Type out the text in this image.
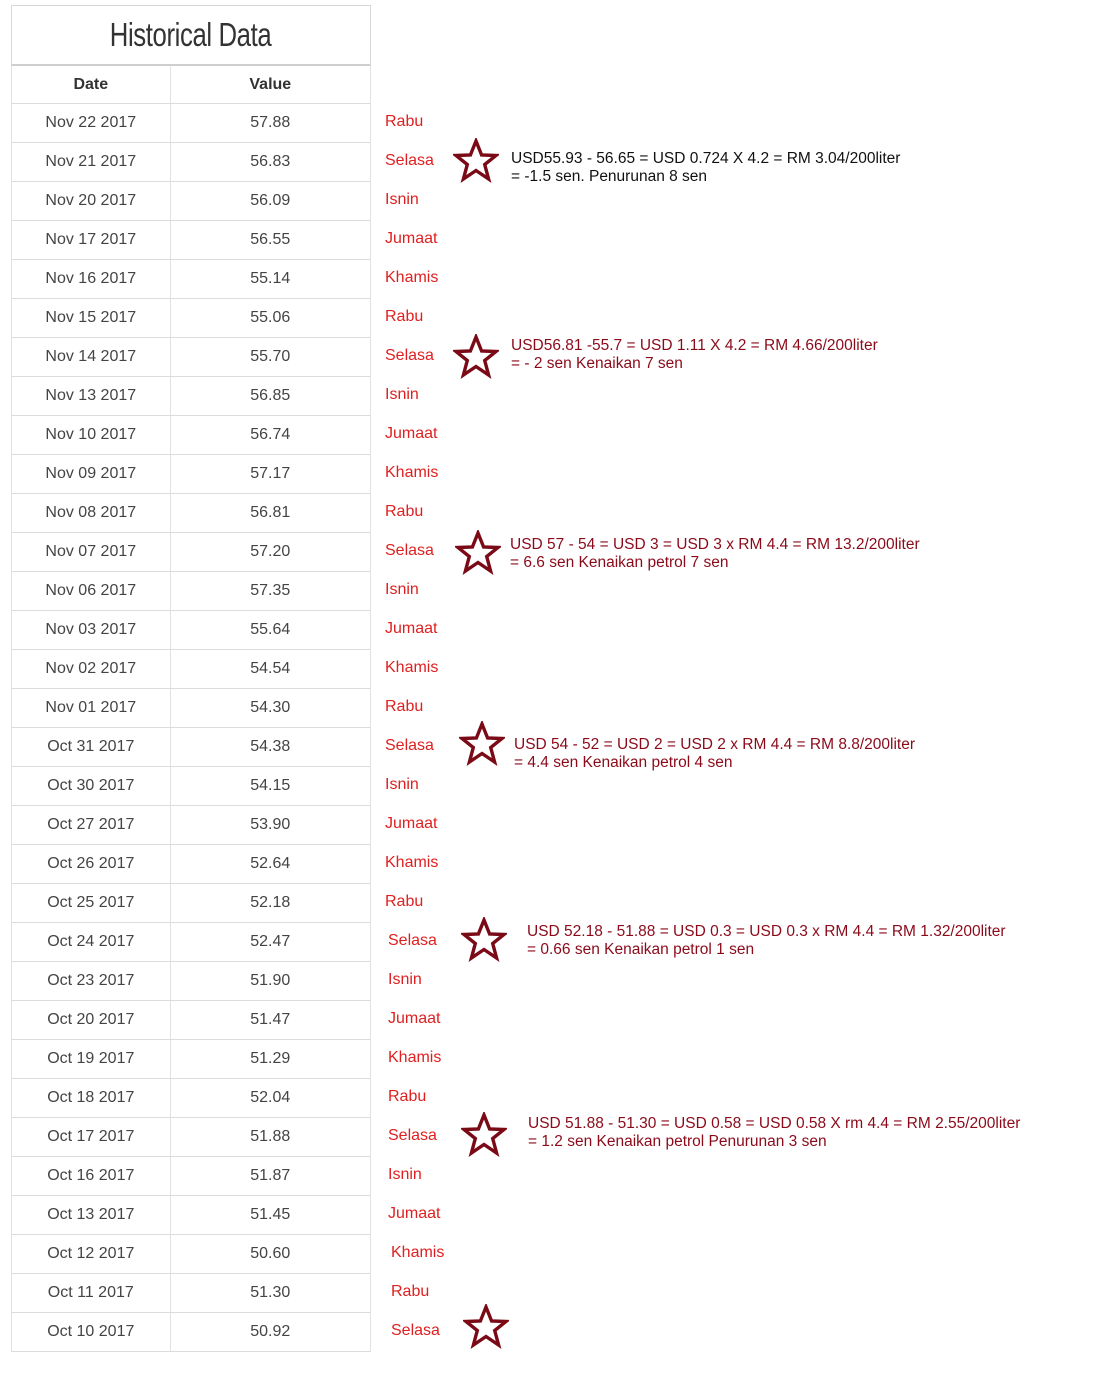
Historical Data
Date	Value
Nov 22 2017	57.88
Nov 21 2017	56.83
Nov 20 2017	56.09
Nov 17 2017	56.55
Nov 16 2017	55.14
Nov 15 2017	55.06
Nov 14 2017	55.70
Nov 13 2017	56.85
Nov 10 2017	56.74
Nov 09 2017	57.17
Nov 08 2017	56.81
Nov 07 2017	57.20
Nov 06 2017	57.35
Nov 03 2017	55.64
Nov 02 2017	54.54
Nov 01 2017	54.30
Oct 31 2017	54.38
Oct 30 2017	54.15
Oct 27 2017	53.90
Oct 26 2017	52.64
Oct 25 2017	52.18
Oct 24 2017	52.47
Oct 23 2017	51.90
Oct 20 2017	51.47
Oct 19 2017	51.29
Oct 18 2017	52.04
Oct 17 2017	51.88
Oct 16 2017	51.87
Oct 13 2017	51.45
Oct 12 2017	50.60
Oct 11 2017	51.30
Oct 10 2017	50.92
Rabu
Selasa
Isnin
Jumaat
Khamis
Rabu
Selasa
Isnin
Jumaat
Khamis
Rabu
Selasa
Isnin
Jumaat
Khamis
Rabu
Selasa
Isnin
Jumaat
Khamis
Rabu
Selasa
Isnin
Jumaat
Khamis
Rabu
Selasa
Isnin
Jumaat
Khamis
Rabu
Selasa
USD55.93 - 56.65 = USD 0.724 X 4.2 = RM 3.04/200liter
= -1.5 sen. Penurunan 8 sen
USD56.81 -55.7 = USD 1.11 X 4.2 = RM 4.66/200liter
= - 2 sen Kenaikan 7 sen
USD 57 - 54 = USD 3 = USD 3 x RM 4.4 = RM 13.2/200liter
= 6.6 sen Kenaikan petrol 7 sen
USD 54 - 52 = USD 2 = USD 2 x RM 4.4 = RM 8.8/200liter
= 4.4 sen Kenaikan petrol 4 sen
USD 52.18 - 51.88 = USD 0.3 = USD 0.3 x RM 4.4 = RM 1.32/200liter
= 0.66 sen Kenaikan petrol 1 sen
USD 51.88 - 51.30 = USD 0.58 = USD 0.58 X rm 4.4 = RM 2.55/200liter
= 1.2 sen Kenaikan petrol Penurunan 3 sen
